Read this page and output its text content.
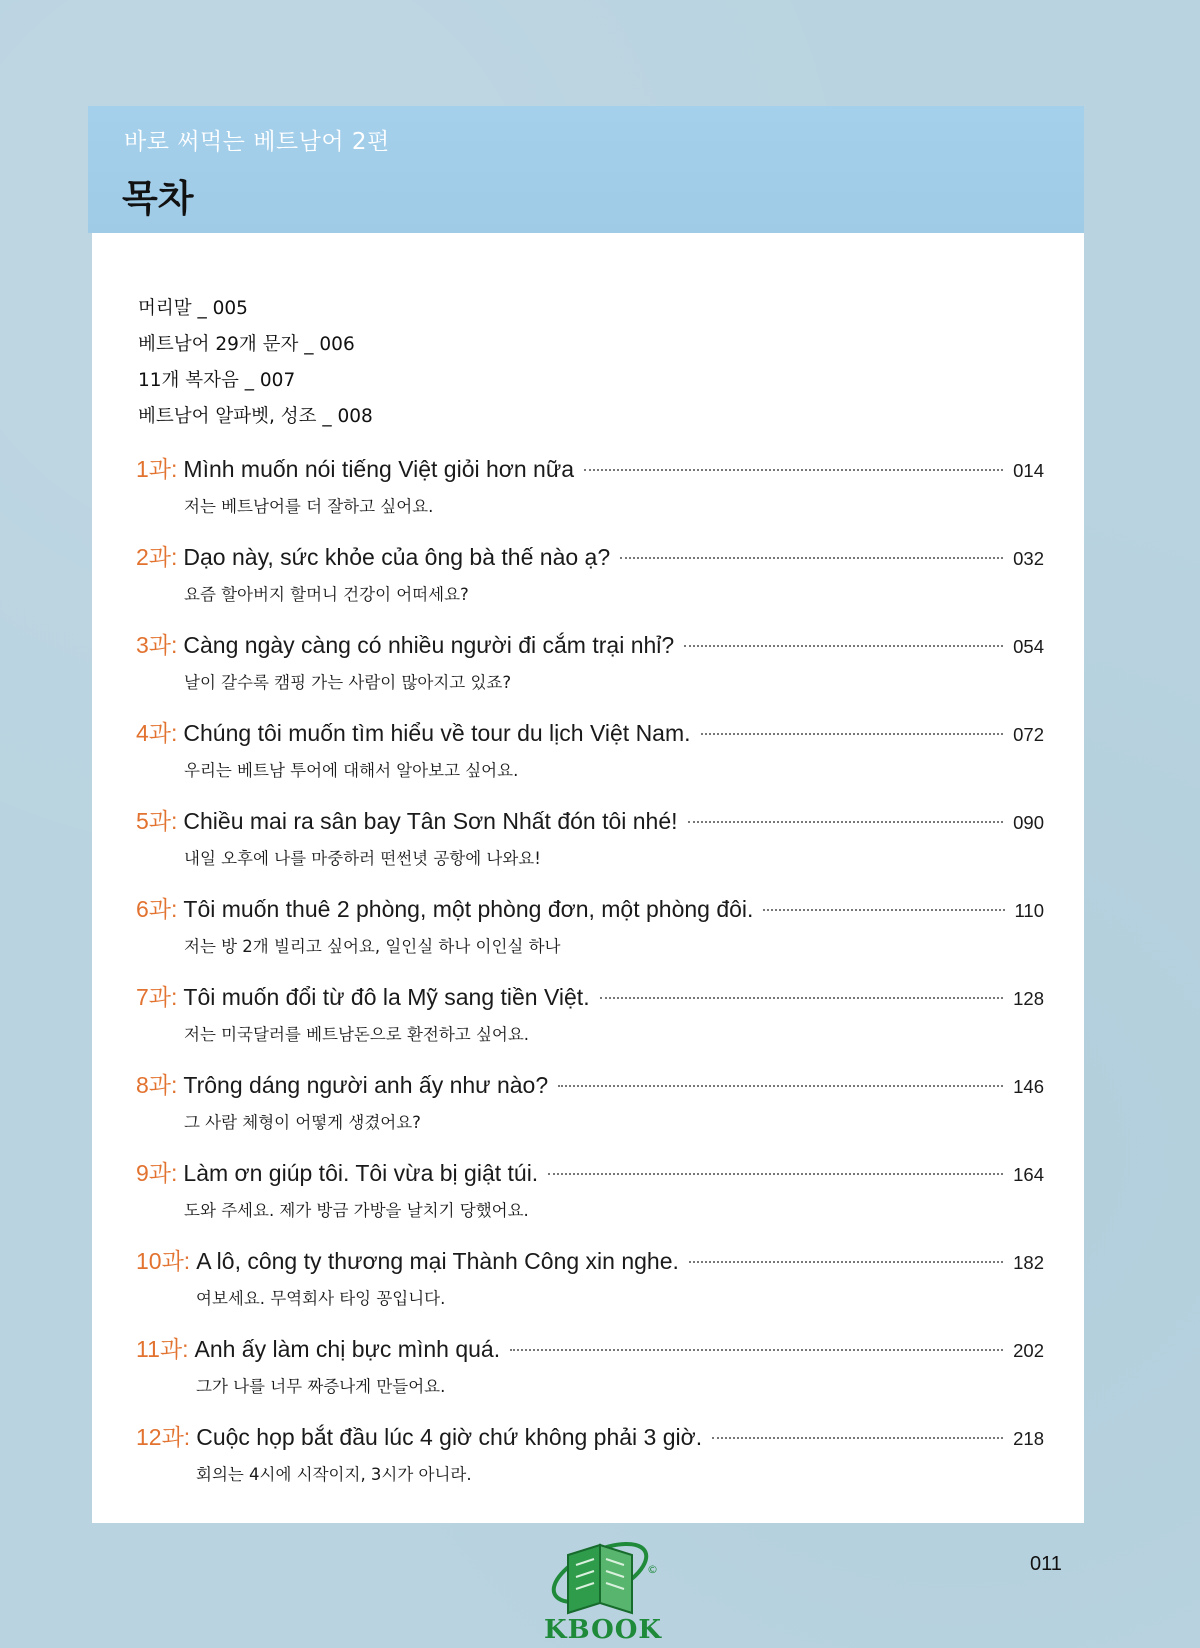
바로 써먹는 베트남어 2편
목차
머리말 _ 005
베트남어 29개 문자 _ 006
11개 복자음 _ 007
베트남어 알파벳, 성조 _ 008
1과: Mình muốn nói tiếng Việt giỏi hơn nữa	014
저는 베트남어를 더 잘하고 싶어요.
2과: Dạo này, sức khỏe của ông bà thế nào ạ?	032
요즘 할아버지 할머니 건강이 어떠세요?
3과: Càng ngày càng có nhiều người đi cắm trại nhỉ?	054
날이 갈수록 캠핑 가는 사람이 많아지고 있죠?
4과: Chúng tôi muốn tìm hiểu về tour du lịch Việt Nam.	072
우리는 베트남 투어에 대해서 알아보고 싶어요.
5과: Chiều mai ra sân bay Tân Sơn Nhất đón tôi nhé!	090
내일 오후에 나를 마중하러 떤썬녓 공항에 나와요!
6과: Tôi muốn thuê 2 phòng, một phòng đơn, một phòng đôi.	110
저는 방 2개 빌리고 싶어요, 일인실 하나 이인실 하나
7과: Tôi muốn đổi từ đô la Mỹ sang tiền Việt.	128
저는 미국달러를 베트남돈으로 환전하고 싶어요.
8과: Trông dáng người anh ấy như nào?	146
그 사람 체형이 어떻게 생겼어요?
9과: Làm ơn giúp tôi. Tôi vừa bị giật túi.	164
도와 주세요. 제가 방금 가방을 날치기 당했어요.
10과: A lô, công ty thương mại Thành Công xin nghe.	182
여보세요. 무역회사 타잉 꽁입니다.
11과: Anh ấy làm chị bực mình quá.	202
그가 나를 너무 짜증나게 만들어요.
12과: Cuộc họp bắt đầu lúc 4 giờ chứ không phải 3 giờ.	218
회의는 4시에 시작이지, 3시가 아니라.
©
KBOOK
011
